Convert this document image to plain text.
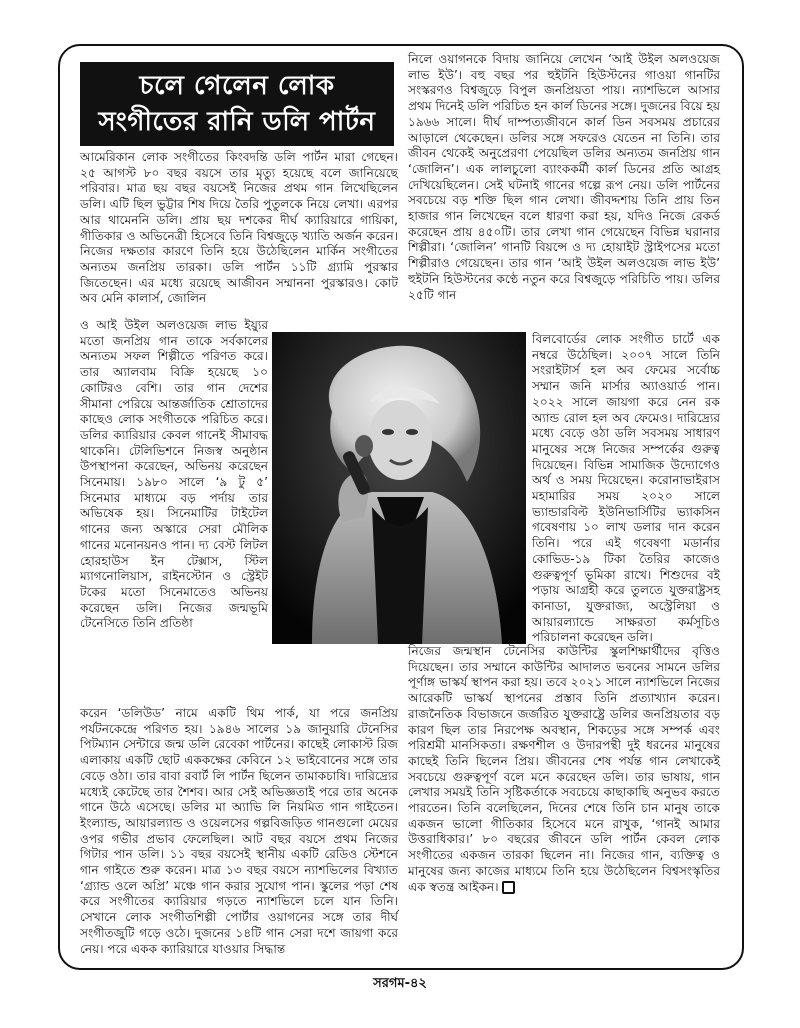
চলে গেলেন লোক
সংগীতের রানি ডলি পার্টন

আমেরিকান লোক সংগীতের কিংবদন্তি ডলি পার্টন মারা গেছেন। ২৫ আগস্ট ৮০ বছর বয়সে তার মৃত্যু হয়েছে বলে জানিয়েছে পরিবার। মাত্র ছয় বছর বয়সেই নিজের প্রথম গান লিখেছিলেন ডলি। এটি ছিল ভুট্টার শিষ দিয়ে তৈরি পুতুলকে নিয়ে লেখা। এরপর আর থামেননি ডলি। প্রায় ছয় দশকের দীর্ঘ ক্যারিয়ারে গায়িকা, গীতিকার ও অভিনেত্রী হিসেবে তিনি বিশ্বজুড়ে খ্যাতি অর্জন করেন। নিজের দক্ষতার কারণে তিনি হয়ে উঠেছিলেন মার্কিন সংগীতের অন্যতম জনপ্রিয় তারকা। ডলি পার্টন ১১টি গ্র্যামি পুরস্কার জিতেছেন। এর মধ্যে রয়েছে আজীবন সম্মাননা পুরস্কারও। কোট অব মেনি কালার্স, জোলিন

ও আই উইল অলওয়েজ লাভ ইয়্যুর মতো জনপ্রিয় গান তাকে সর্বকালের অন্যতম সফল শিল্পীতে পরিণত করে। তার অ্যালবাম বিক্রি হয়েছে ১০ কোটিরও বেশি। তার গান দেশের সীমানা পেরিয়ে আন্তর্জাতিক শ্রোতাদের কাছেও লোক সংগীতকে পরিচিত করে। ডলির ক্যারিয়ার কেবল গানেই সীমাবদ্ধ থাকেনি। টেলিভিশনে নিজস্ব অনুষ্ঠান উপস্থাপনা করেছেন, অভিনয় করেছেন সিনেমায়। ১৯৮০ সালে ‘৯ টু ৫’ সিনেমার মাধ্যমে বড় পর্দায় তার অভিষেক হয়। সিনেমাটির টাইটেল গানের জন্য অস্কারে সেরা মৌলিক গানের মনোনয়নও পান। দ্য বেস্ট লিটল হোরহাউস ইন টেক্সাস, স্টিল ম্যাগনোলিয়াস, রাইনস্টোন ও স্ট্রেইট টকের মতো সিনেমাতেও অভিনয় করেছেন ডলি। নিজের জন্মভূমি টেনেসিতে তিনি প্রতিষ্ঠা

করেন ‘ডলিউড’ নামে একটি থিম পার্ক, যা পরে জনপ্রিয় পর্যটনকেন্দ্রে পরিণত হয়। ১৯৪৬ সালের ১৯ জানুয়ারি টেনেসির পিটম্যান সেন্টারে জন্ম ডলি রেবেকা পার্টনের। কাছেই লোকাস্ট রিজ এলাকায় একটি ছোট এককক্ষের কেবিনে ১২ ভাইবোনের সঙ্গে তার বেড়ে ওঠা। তার বাবা রবার্ট লি পার্টন ছিলেন তামাকচাষি। দারিদ্র্যের মধ্যেই কেটেছে তার শৈশব। আর সেই অভিজ্ঞতাই পরে তার অনেক গানে উঠে এসেছে। ডলির মা অ্যাভি লি নিয়মিত গান গাইতেন। ইংল্যান্ড, আয়ারল্যান্ড ও ওয়েলসের গল্পবিজড়িত গানগুলো মেয়ের ওপর গভীর প্রভাব ফেলেছিল। আট বছর বয়সে প্রথম নিজের গিটার পান ডলি। ১১ বছর বয়সেই স্থানীয় একটি রেডিও স্টেশনে গান গাইতে শুরু করেন। মাত্র ১৩ বছর বয়সে ন্যাশভিলের বিখ্যাত ‘গ্র্যান্ড ওলে অপ্রি’ মঞ্চে গান করার সুযোগ পান। স্কুলের পড়া শেষ করে সংগীতের ক্যারিয়ার গড়তে ন্যাশভিলে চলে যান তিনি। সেখানে লোক সংগীতশিল্পী পোর্টার ওয়াগনের সঙ্গে তার দীর্ঘ সংগীতজুটি গড়ে ওঠে। দুজনের ১৪টি গান সেরা দশে জায়গা করে নেয়। পরে একক ক্যারিয়ারে যাওয়ার সিদ্ধান্ত

নিলে ওয়াগনকে বিদায় জানিয়ে লেখেন ‘আই উইল অলওয়েজ লাভ ইউ’। বহু বছর পর হুইটনি হিউস্টনের গাওয়া গানটির সংস্করণও বিশ্বজুড়ে বিপুল জনপ্রিয়তা পায়। ন্যাশভিলে আসার প্রথম দিনেই ডলি পরিচিত হন কার্ল ডিনের সঙ্গে। দুজনের বিয়ে হয় ১৯৬৬ সালে। দীর্ঘ দাম্পত্যজীবনে কার্ল ডিন সবসময় প্রচারের আড়ালে থেকেছেন। ডলির সঙ্গে সফরেও যেতেন না তিনি। তার জীবন থেকেই অনুপ্রেরণা পেয়েছিল ডলির অন্যতম জনপ্রিয় গান ‘জোলিন’। এক লালচুলো ব্যাংককর্মী কার্ল ডিনের প্রতি আগ্রহ দেখিয়েছিলেন। সেই ঘটনাই গানের গল্পে রূপ নেয়। ডলি পার্টনের সবচেয়ে বড় শক্তি ছিল গান লেখা। জীবদ্দশায় তিনি প্রায় তিন হাজার গান লিখেছেন বলে ধারণা করা হয়, যদিও নিজে রেকর্ড করেছেন প্রায় ৪৫০টি। তার লেখা গান গেয়েছেন বিভিন্ন ঘরানার শিল্পীরা। ‘জোলিন’ গানটি বিয়ন্সে ও দ্য হোয়াইট স্ট্রাইপসের মতো শিল্পীরাও গেয়েছেন। তার গান ‘আই উইল অলওয়েজ লাভ ইউ’ হুইটনি হিউস্টনের কণ্ঠে নতুন করে বিশ্বজুড়ে পরিচিতি পায়। ডলির ২৫টি গান

বিলবোর্ডের লোক সংগীত চার্টে এক নম্বরে উঠেছিল। ২০০৭ সালে তিনি সংরাইটার্স হল অব ফেমের সর্বোচ্চ সম্মান জনি মার্সার অ্যাওয়ার্ড পান। ২০২২ সালে জায়গা করে নেন রক অ্যান্ড রোল হল অব ফেমেও। দারিদ্র্যের মধ্যে বেড়ে ওঠা ডলি সবসময় সাধারণ মানুষের সঙ্গে নিজের সম্পর্কের গুরুত্ব দিয়েছেন। বিভিন্ন সামাজিক উদ্যোগেও অর্থ ও সময় দিয়েছেন। করোনাভাইরাস মহামারির সময় ২০২০ সালে ভ্যান্ডারবিল্ট ইউনিভার্সিটির ভ্যাকসিন গবেষণায় ১০ লাখ ডলার দান করেন তিনি। পরে এই গবেষণা মডার্নার কোভিড-১৯ টিকা তৈরির কাজেও গুরুত্বপূর্ণ ভূমিকা রাখে। শিশুদের বই পড়ায় আগ্রহী করে তুলতে যুক্তরাষ্ট্রসহ কানাডা, যুক্তরাজ্য, অস্ট্রেলিয়া ও আয়ারল্যান্ডে সাক্ষরতা কর্মসূচিও পরিচালনা করেছেন ডলি।

নিজের জন্মস্থান টেনেসির কাউন্টির স্কুলশিক্ষার্থীদের বৃত্তিও দিয়েছেন। তার সম্মানে কাউন্টির আদালত ভবনের সামনে ডলির পূর্ণাঙ্গ ভাস্কর্য স্থাপন করা হয়। তবে ২০২১ সালে ন্যাশভিলে নিজের আরেকটি ভাস্কর্য স্থাপনের প্রস্তাব তিনি প্রত্যাখ্যান করেন। রাজনৈতিক বিভাজনে জর্জরিত যুক্তরাষ্ট্রে ডলির জনপ্রিয়তার বড় কারণ ছিল তার নিরপেক্ষ অবস্থান, শিকড়ের সঙ্গে সম্পর্ক এবং পরিশ্রমী মানসিকতা। রক্ষণশীল ও উদারপন্থী দুই ধরনের মানুষের কাছেই তিনি ছিলেন প্রিয়। জীবনের শেষ পর্যন্ত গান লেখাকেই সবচেয়ে গুরুত্বপূর্ণ বলে মনে করেছেন ডলি। তার ভাষায়, গান লেখার সময়ই তিনি সৃষ্টিকর্তাকে সবচেয়ে কাছাকাছি অনুভব করতে পারতেন। তিনি বলেছিলেন, দিনের শেষে তিনি চান মানুষ তাকে একজন ভালো গীতিকার হিসেবে মনে রাখুক, ‘গানই আমার উত্তরাধিকার।’ ৮০ বছরের জীবনে ডলি পার্টন কেবল লোক সংগীতের একজন তারকা ছিলেন না। নিজের গান, ব্যক্তিত্ব ও মানুষের জন্য কাজের মাধ্যমে তিনি হয়ে উঠেছিলেন বিশ্বসংস্কৃতির এক স্বতন্ত্র আইকন।

সরগম-৪২
